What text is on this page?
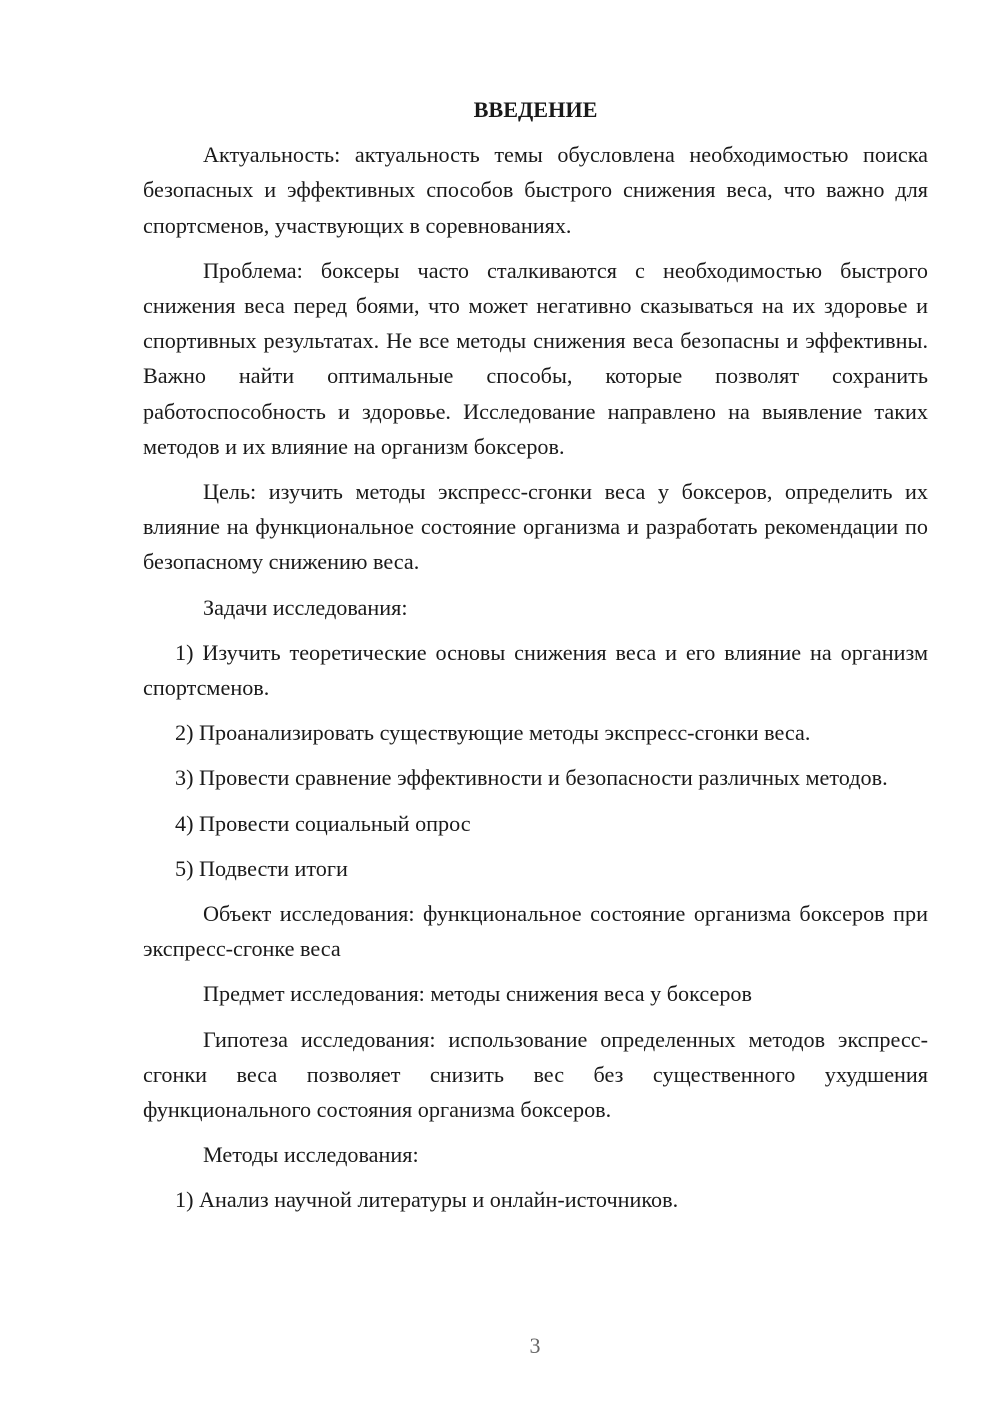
ВВЕДЕНИЕ

Актуальность: актуальность темы обусловлена необходимостью поиска безопасных и эффективных способов быстрого снижения веса, что важно для спортсменов, участвующих в соревнованиях.

Проблема: боксеры часто сталкиваются с необходимостью быстрого снижения веса перед боями, что может негативно сказываться на их здоровье и спортивных результатах. Не все методы снижения веса безопасны и эффективны. Важно найти оптимальные способы, которые позволят сохранить работоспособность и здоровье. Исследование направлено на выявление таких методов и их влияние на организм боксеров.

Цель: изучить методы экспресс-сгонки веса у боксеров, определить их влияние на функциональное состояние организма и разработать рекомендации по безопасному снижению веса.

Задачи исследования:

1) Изучить теоретические основы снижения веса и его влияние на организм спортсменов.

2) Проанализировать существующие методы экспресс-сгонки веса.

3) Провести сравнение эффективности и безопасности различных методов.

4) Провести социальный опрос

5) Подвести итоги

Объект исследования: функциональное состояние организма боксеров при экспресс-сгонке веса

Предмет исследования: методы снижения веса у боксеров

Гипотеза исследования: использование определенных методов экспресс-сгонки веса позволяет снизить вес без существенного ухудшения функционального состояния организма боксеров.

Методы исследования:

1) Анализ научной литературы и онлайн-источников.

3
